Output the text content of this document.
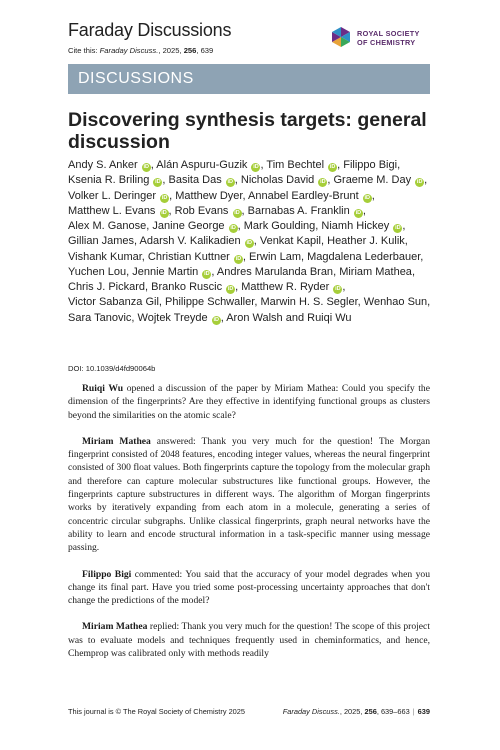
Faraday Discussions
Cite this: Faraday Discuss., 2025, 256, 639
ROYAL SOCIETY
OF CHEMISTRY
DISCUSSIONS
Discovering synthesis targets: general discussion
Andy S. Anker iD , Alán Aspuru-Guzik iD , Tim Bechtel iD , Filippo Bigi, Ksenia R. Briling iD , Basita Das iD , Nicholas David iD , Graeme M. Day iD , Volker L. Deringer iD , Matthew Dyer, Annabel Eardley-Brunt iD , Matthew L. Evans iD , Rob Evans iD , Barnabas A. Franklin iD , Alex M. Ganose, Janine George iD , Mark Goulding, Niamh Hickey iD , Gillian James, Adarsh V. Kalikadien iD , Venkat Kapil, Heather J. Kulik, Vishank Kumar, Christian Kuttner iD , Erwin Lam, Magdalena Lederbauer, Yuchen Lou, Jennie Martin iD , Andres Marulanda Bran, Miriam Mathea, Chris J. Pickard, Branko Ruscic iD , Matthew R. Ryder iD , Victor Sabanza Gil, Philippe Schwaller, Marwin H. S. Segler, Wenhao Sun, Sara Tanovic, Wojtek Treyde iD , Aron Walsh and Ruiqi Wu
DOI: 10.1039/d4fd90064b

Ruiqi Wu opened a discussion of the paper by Miriam Mathea: Could you specify the dimension of the fingerprints? Are they effective in identifying functional groups as clusters beyond the similarities on the atomic scale?

Miriam Mathea answered: Thank you very much for the question! The Morgan fingerprint consisted of 2048 features, encoding integer values, whereas the neural fingerprint consisted of 300 float values. Both fingerprints capture the topology from the molecular graph and therefore can capture molecular substructures like functional groups. However, the fingerprints capture substructures in different ways. The algorithm of Morgan fingerprints works by iteratively expanding from each atom in a molecule, generating a series of concentric circular subgraphs. Unlike classical fingerprints, graph neural networks have the ability to learn and encode structural information in a task-specific manner using message passing.

Filippo Bigi commented: You said that the accuracy of your model degrades when you change its final part. Have you tried some post-processing uncertainty approaches that don't change the predictions of the model?

Miriam Mathea replied: Thank you very much for the question! The scope of this project was to evaluate models and techniques frequently used in cheminformatics, and hence, Chemprop was calibrated only with methods readily

This journal is © The Royal Society of Chemistry 2025	Faraday Discuss., 2025, 256, 639–663 | 639
